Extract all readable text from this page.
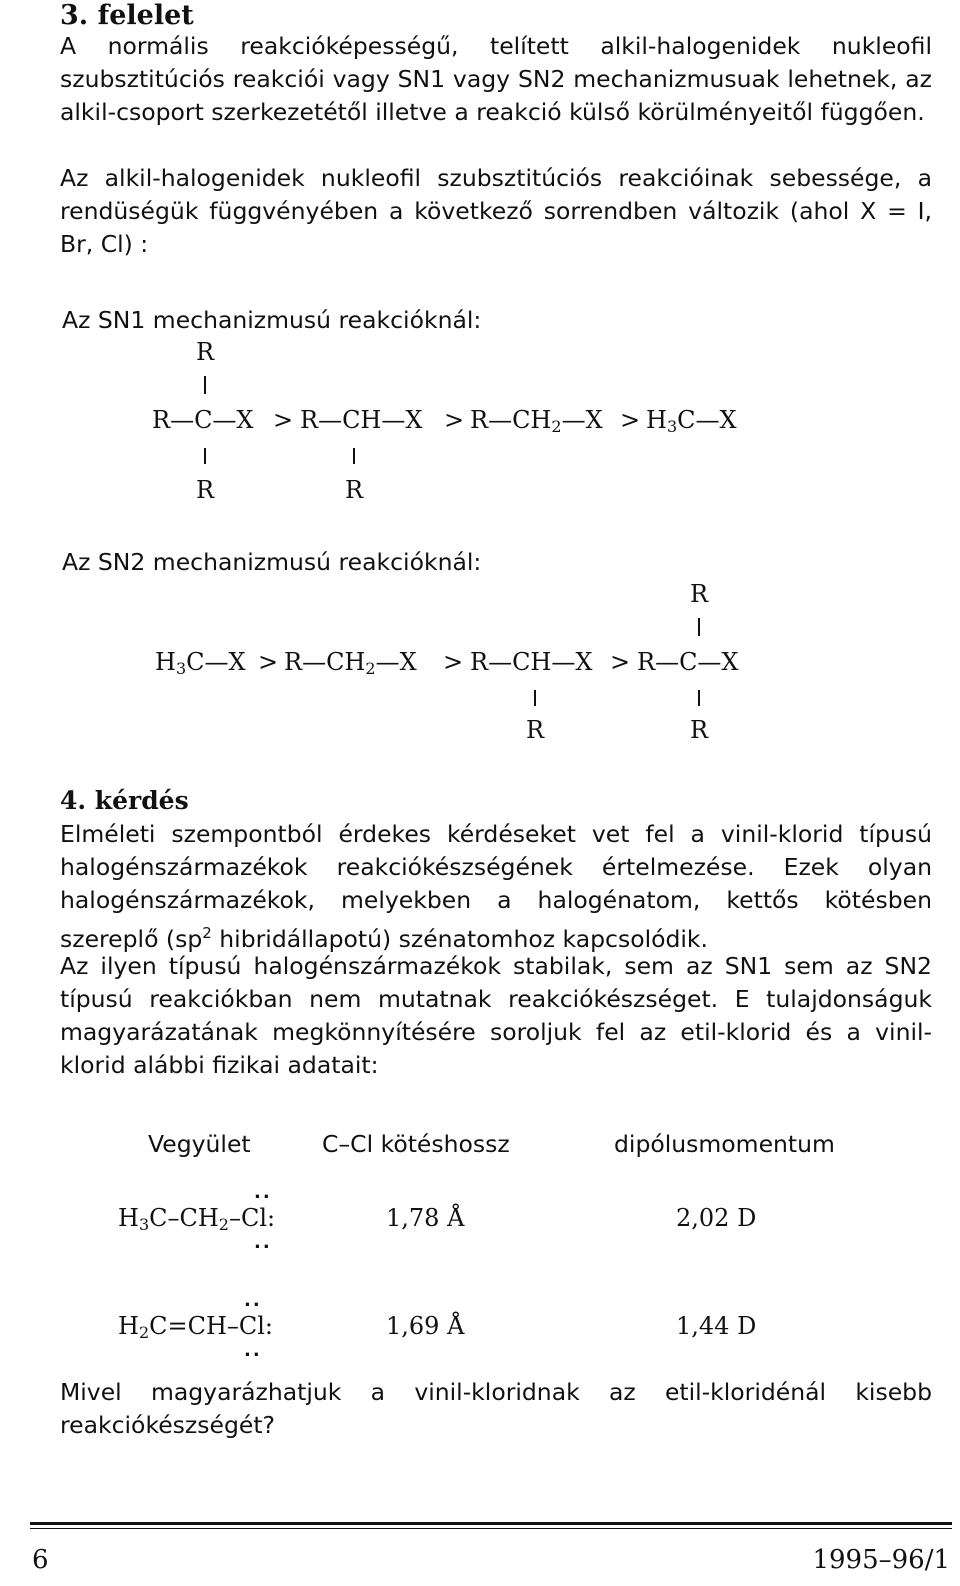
3. felelet

A normális reakcióképességű, telített alkil-halogenidek nukleofil szubsztitúciós reakciói vagy SN1 vagy SN2 mechanizmusuak lehetnek, az alkil-csoport szerkezetétől illetve a reakció külső körülményeitől függően.

Az alkil-halogenidek nukleofil szubsztitúciós reakcióinak sebessége, a rendüségük függvényében a következő sorrendben változik (ahol X = I, Br, Cl) :

Az SN1 mechanizmusú reakcióknál:
R
R—C—X > R—CH—X > $R—CH_2—X$ > $H_3C—X$
R	R
Az SN2 mechanizmusú reakcióknál:
R
$H_3C—X$ > $R—CH_2—X$ > R—CH—X > R—C—X
R	R
4. kérdés

Elméleti szempontból érdekes kérdéseket vet fel a vinil-klorid típusú halogénszármazékok reakciókészségének értelmezése. Ezek olyan halogénszármazékok, melyekben a halogénatom, kettős kötésben szereplő ($sp^2$ hibridállapotú) szénatomhoz kapcsolódik.

Az ilyen típusú halogénszármazékok stabilak, sem az SN1 sem az SN2 típusú reakciókban nem mutatnak reakciókészséget. E tulajdonságuk magyarázatának megkönnyítésére soroljuk fel az etil-klorid és a vinil-klorid alábbi fizikai adatait:

Vegyület	C–Cl kötéshossz	dipólusmomentum
..
$H_3C-CH_2-Cl$:	1,78 Å	2,02 D
..
..
$H_2C=CH-Cl$:	1,69 Å	1,44 D
..

Mivel magyarázhatjuk a vinil-kloridnak az etil-kloridénál kisebb reakciókészségét?

6	1995–96/1
